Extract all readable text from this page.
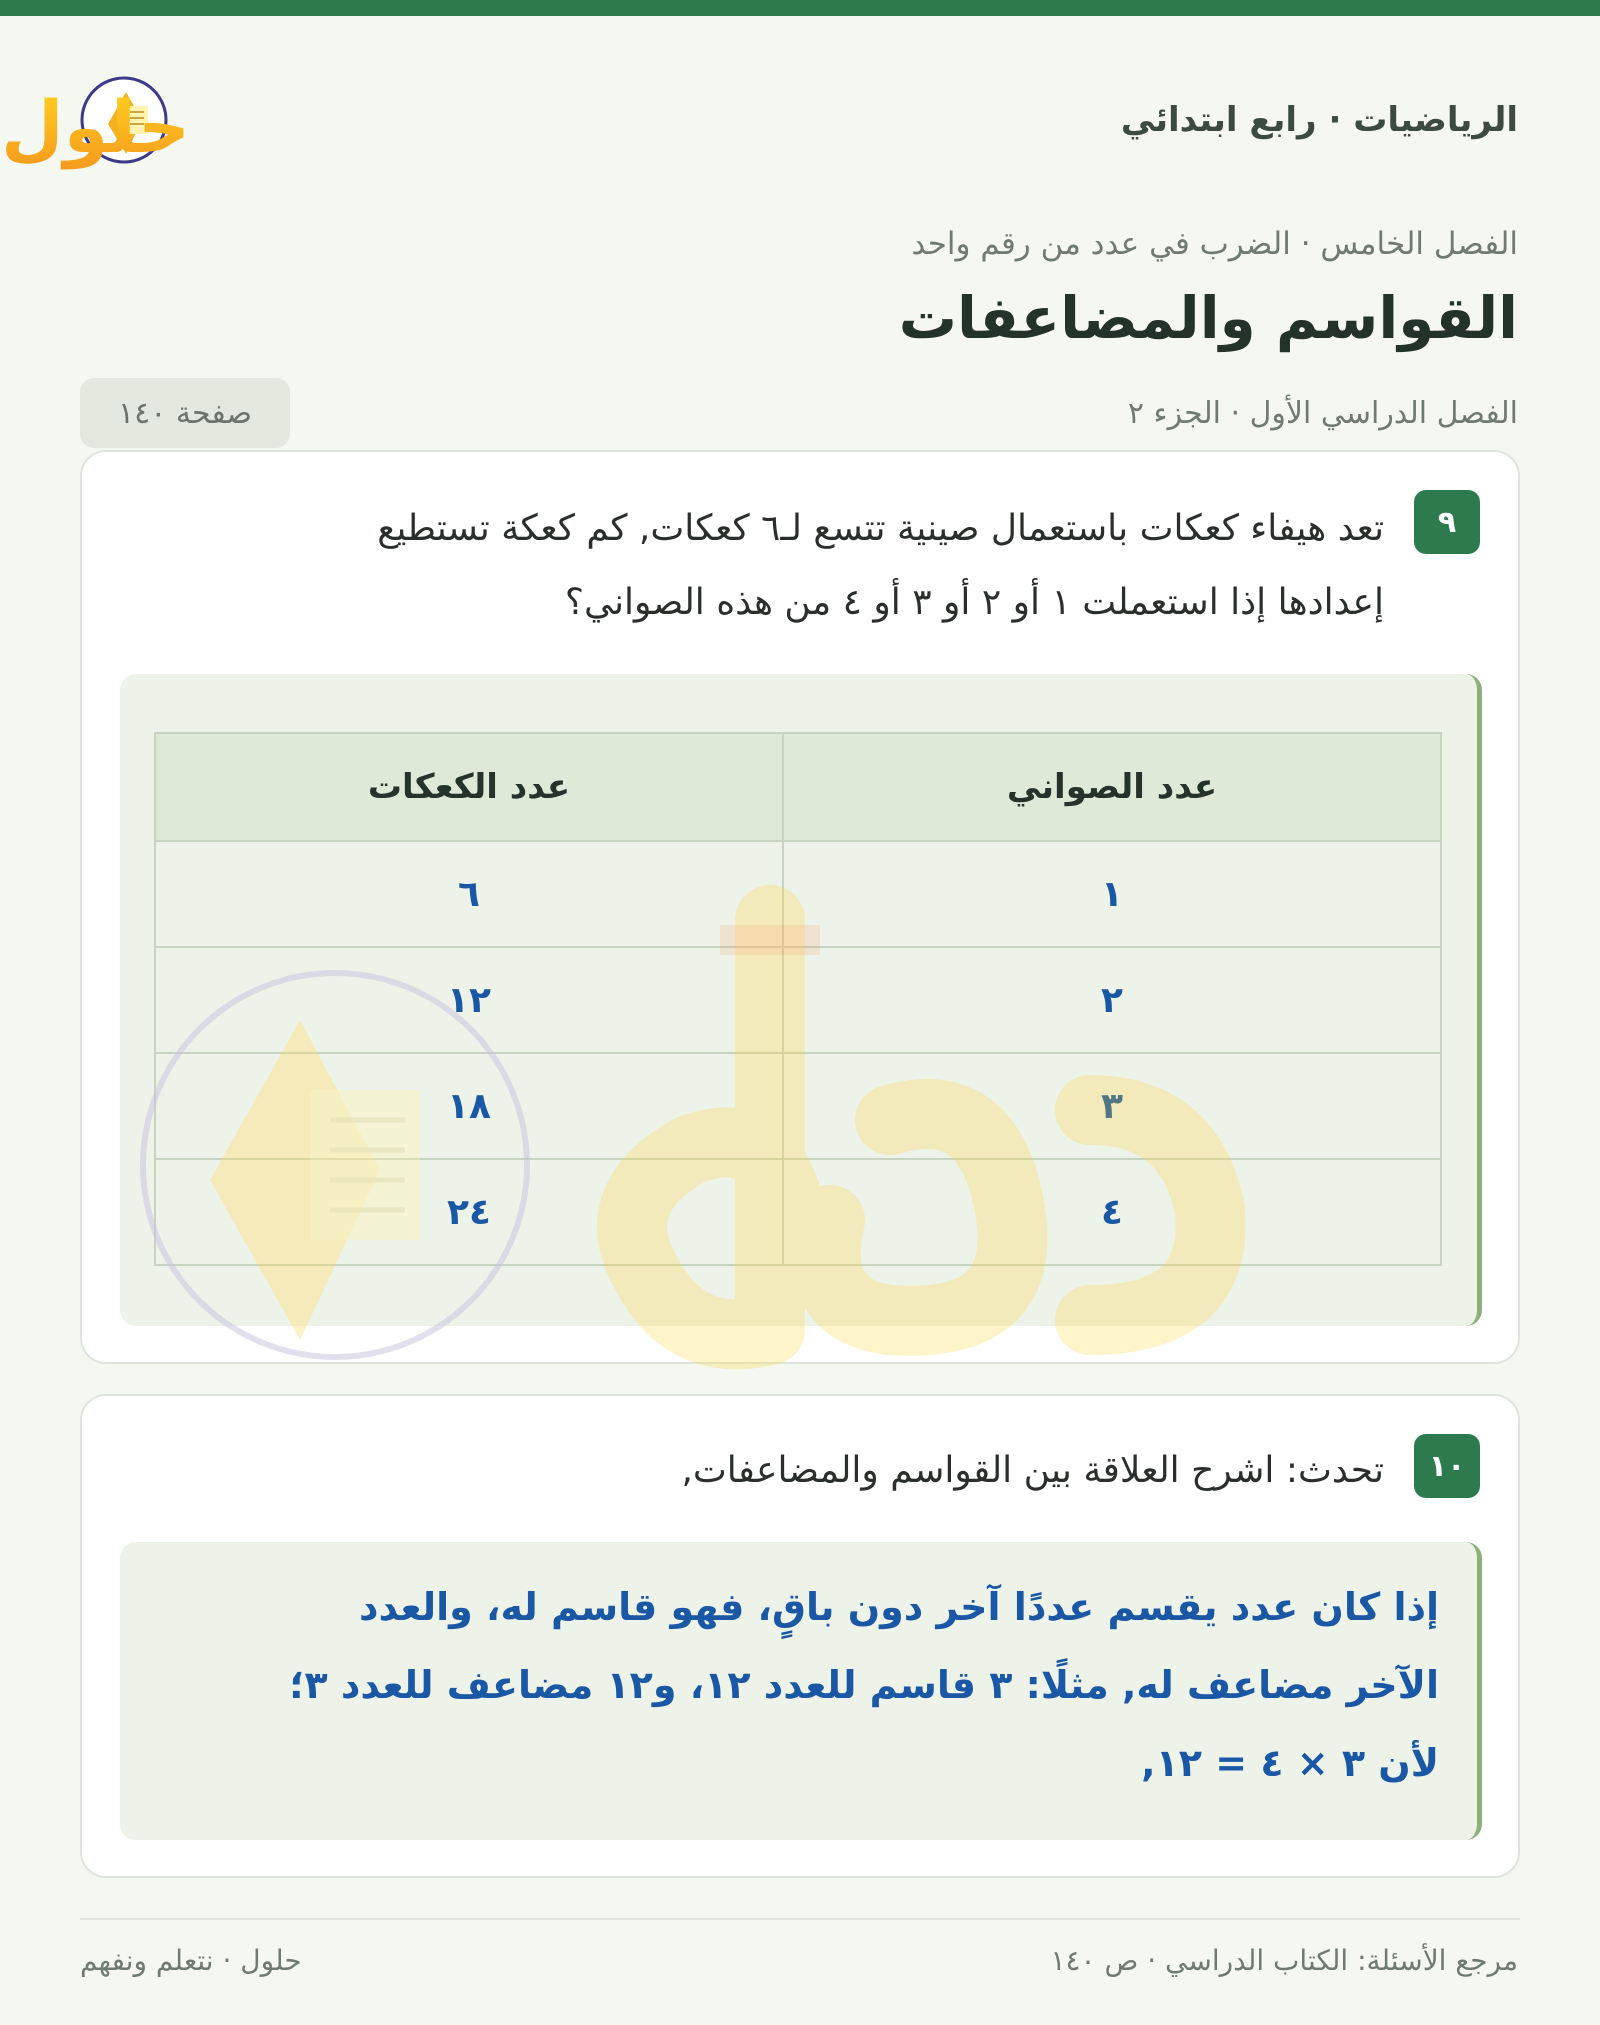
الرياضيات · رابع ابتدائي
حلول
الفصل الخامس · الضرب في عدد من رقم واحد
القواسم والمضاعفات
الفصل الدراسي الأول · الجزء ٢
صفحة ١٤٠
٩
تعد هيفاء كعكات باستعمال صينية تتسع لـ٦ كعكات, كم كعكة تستطيع
إعدادها إذا استعملت ١ أو ٢ أو ٣ أو ٤ من هذه الصواني؟
عدد الصواني	عدد الكعكات
١	٦
٢	١٢
٣	١٨
٤	٢٤
١٠
تحدث: اشرح العلاقة بين القواسم والمضاعفات,

إذا كان عدد يقسم عددًا آخر دون باقٍ، فهو قاسم له، والعدد

الآخر مضاعف له, مثلًا: ٣ قاسم للعدد ١٢، و١٢ مضاعف للعدد ٣؛

لأن ٣ × ٤ = ١٢,

مرجع الأسئلة: الكتاب الدراسي · ص ١٤٠
حلول · نتعلم ونفهم
